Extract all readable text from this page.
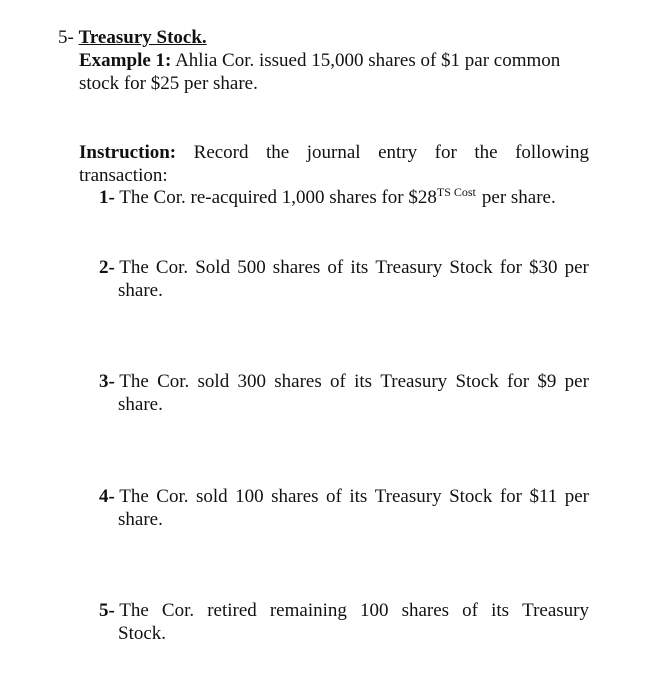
5- Treasury Stock.

Example 1: Ahlia Cor. issued 15,000 shares of $1 par common

stock for $25 per share.

Instruction: Record the journal entry for the following

transaction:

1- The Cor. re-acquired 1,000 shares for $\$28^{TS Cost}$ per share.
2- The Cor. Sold 500 shares of its Treasury Stock for $30 per
share.
3- The Cor. sold 300 shares of its Treasury Stock for $9 per
share.
4- The Cor. sold 100 shares of its Treasury Stock for $11 per
share.
5- The Cor. retired remaining 100 shares of its Treasury
Stock.
